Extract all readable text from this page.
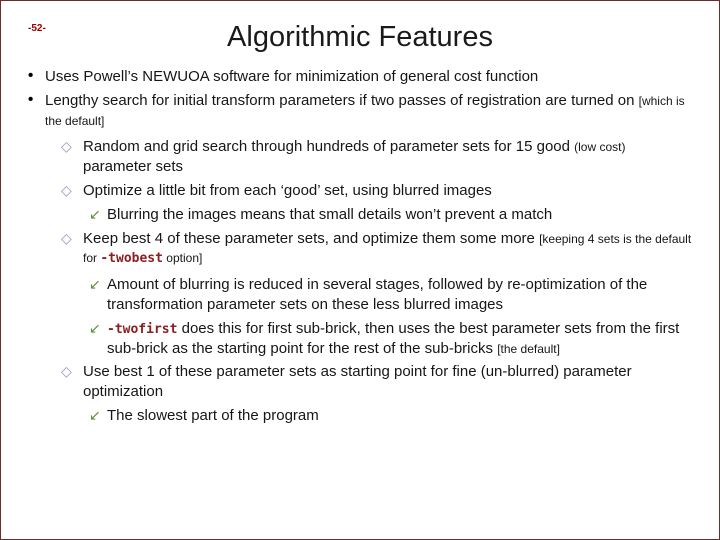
-52-	Algorithmic Features
• Uses Powell’s NEWUOA software for minimization of general cost function
• Lengthy search for initial transform parameters if two passes of registration are turned on [which is the default]
◇ Random and grid search through hundreds of parameter sets for 15 good (low cost) parameter sets
◇ Optimize a little bit from each ‘good’ set, using blurred images
↙ Blurring the images means that small details won’t prevent a match
◇ Keep best 4 of these parameter sets, and optimize them some more [keeping 4 sets is the default for -twobest option]
↙ Amount of blurring is reduced in several stages, followed by re-optimization of the transformation parameter sets on these less blurred images
↙ -twofirst does this for first sub-brick, then uses the best parameter sets from the first sub-brick as the starting point for the rest of the sub-bricks [the default]
◇ Use best 1 of these parameter sets as starting point for fine (un-blurred) parameter optimization
↙ The slowest part of the program
